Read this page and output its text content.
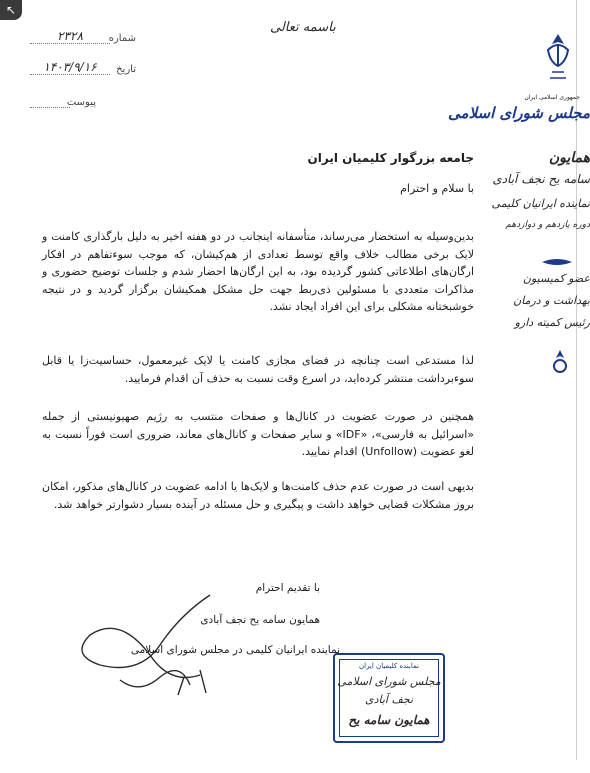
↖
شماره
۲۳۲۸
تاریخ
۱۴۰۳/۹/۱۶
پیوست
باسمه تعالی
جمهوری اسلامی ایران
مجلس شورای اسلامی
همایون
سامه یح نجف آبادی
نماینده ایرانیان کلیمی
دوره یازدهم و دوازدهم
عضو کمیسیون
بهداشت و درمان
رئیس کمیته دارو

جامعه بزرگوار کلیمیان ایران

با سلام و احترام

بدین‌وسیله به استحضار می‌رساند، متأسفانه اینجانب در دو هفته اخیر به دلیل بارگذاری کامنت و لایک برخی مطالب خلاف واقع توسط تعدادی از هم‌کیشان، که موجب سوءتفاهم در افکار ارگان‌های اطلاعاتی کشور گردیده بود، به این ارگان‌ها احضار شدم و جلسات توضیح حضوری و مذاکرات متعددی با مسئولین ذی‌ربط جهت حل مشکل همکیشان برگزار گردید و در نتیجه خوشبختانه مشکلی برای این افراد ایجاد نشد.

لذا مستدعی است چنانچه در فضای مجازی کامنت یا لایک غیرمعمول، حساسیت‌زا یا قابل سوءبرداشت منتشر کرده‌اید، در اسرع وقت نسبت به حذف آن اقدام فرمایید.

همچنین در صورت عضویت در کانال‌ها و صفحات منتسب به رژیم صهیونیستی از جمله «اسرائیل به فارسی»، «IDF» و سایر صفحات و کانال‌های معاند، ضروری است فوراً نسبت به لغو عضویت (Unfollow) اقدام نمایید.

بدیهی است در صورت عدم حذف کامنت‌ها و لایک‌ها یا ادامه عضویت در کانال‌های مذکور، امکان بروز مشکلات قضایی خواهد داشت و پیگیری و حل مسئله در آینده بسیار دشوارتر خواهد شد.

با تقدیم احترام
همایون سامه یح نجف آبادی
نماینده ایرانیان کلیمی در مجلس شورای اسلامی
نماینده کلیمیان ایران
مجلس شورای اسلامی
نجف آبادی
همایون سامه یح
